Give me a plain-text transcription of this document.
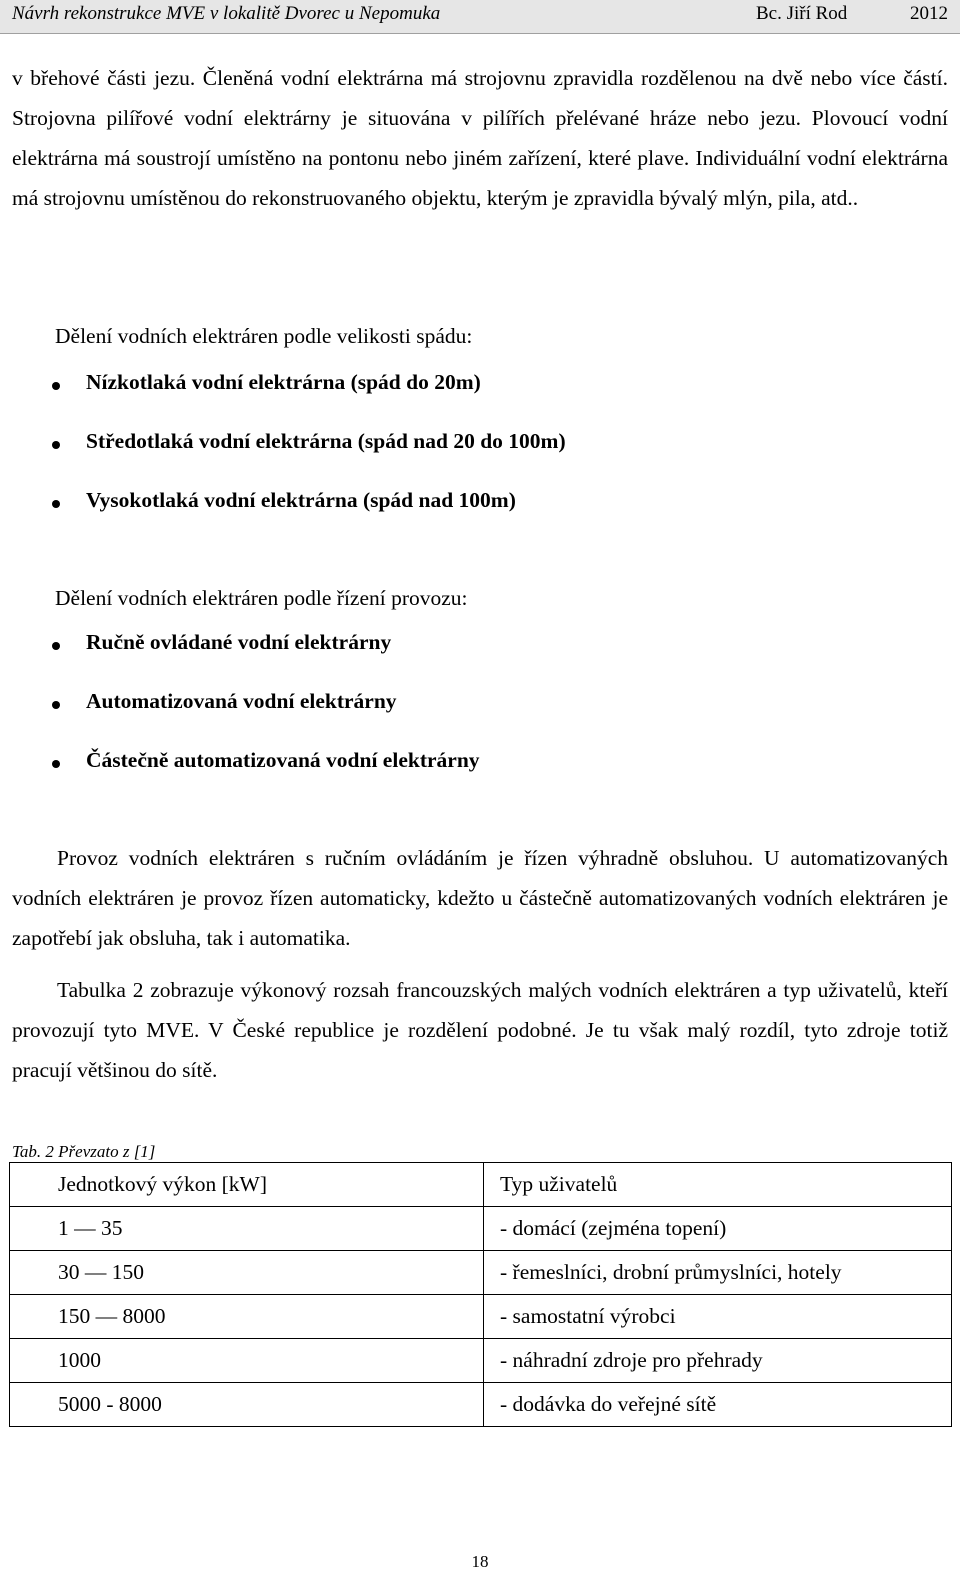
Návrh rekonstrukce MVE v lokalitě Dvorec u Nepomuka	Bc. Jiří Rod	2012

v břehové části jezu. Členěná vodní elektrárna má strojovnu zpravidla rozdělenou na dvě nebo více částí. Strojovna pilířové vodní elektrárny je situována v pilířích přelévané hráze nebo jezu. Plovoucí vodní elektrárna má soustrojí umístěno na pontonu nebo jiném zařízení, které plave. Individuální vodní elektrárna má strojovnu umístěnou do rekonstruovaného objektu, kterým je zpravidla bývalý mlýn, pila, atd..

Dělení vodních elektráren podle velikosti spádu:
Nízkotlaká vodní elektrárna (spád do 20m)
Středotlaká vodní elektrárna (spád nad 20 do 100m)
Vysokotlaká vodní elektrárna (spád nad 100m)
Dělení vodních elektráren podle řízení provozu:
Ručně ovládané vodní elektrárny
Automatizovaná vodní elektrárny
Částečně automatizovaná vodní elektrárny

Provoz vodních elektráren s ručním ovládáním je řízen výhradně obsluhou. U automatizovaných vodních elektráren je provoz řízen automaticky, kdežto u částečně automatizovaných vodních elektráren je zapotřebí jak obsluha, tak i automatika.

Tabulka 2 zobrazuje výkonový rozsah francouzských malých vodních elektráren a typ uživatelů, kteří provozují tyto MVE. V České republice je rozdělení podobné. Je tu však malý rozdíl, tyto zdroje totiž pracují většinou do sítě.

Tab. 2 Převzato z [1]
Jednotkový výkon [kW]	Typ uživatelů
1 — 35	- domácí (zejména topení)
30 — 150	- řemeslníci, drobní průmyslníci, hotely
150 — 8000	- samostatní výrobci
1000	- náhradní zdroje pro přehrady
5000 - 8000	- dodávka do veřejné sítě
18
